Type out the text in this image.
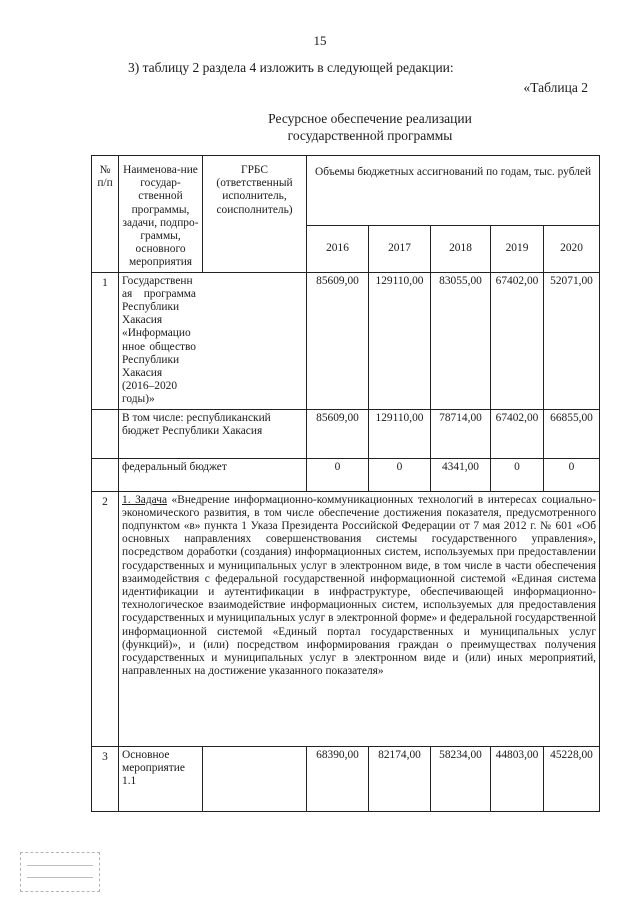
15
3) таблицу 2 раздела 4 изложить в следующей редакции:
«Таблица 2
Ресурсное обеспечение реализации
государственной программы
№ п/п	Наименова-ние государ-ственной программы, задачи, подпро-граммы, основного мероприятия	ГРБС (ответственный исполнитель, соисполнитель)	Объемы бюджетных ассигнований по годам, тыс. рублей				
			2016	2017	2018	2019	2020
1	Государственная программа Республики Хакасия «Информационное общество Республики Хакасия (2016–2020 годы)»		85609,00	129110,00	83055,00	67402,00	52071,00
	В том числе: республиканский бюджет Республики Хакасия		85609,00	129110,00	78714,00	67402,00	66855,00
	федеральный бюджет		0	0	4341,00	0	0
2	1. Задача «Внедрение информационно-коммуникационных технологий в интересах социально-экономического развития, в том числе обеспечение достижения показателя, предусмотренного подпунктом «в» пункта 1 Указа Президента Российской Федерации от 7 мая 2012 г. № 601 «Об основных направлениях совершенствования системы государственного управления», посредством доработки (создания) информационных систем, используемых при предоставлении государственных и муниципальных услуг в электронном виде, в том числе в части обеспечения взаимодействия с федеральной государственной информационной системой «Единая система идентификации и аутентификации в инфраструктуре, обеспечивающей информационно-технологическое взаимодействие информационных систем, используемых для предоставления государственных и муниципальных услуг в электронной форме» и федеральной государственной информационной системой «Единый портал государственных и муниципальных услуг (функций)», и (или) посредством информирования граждан о преимуществах получения государственных и муниципальных услуг в электронном виде и (или) иных мероприятий, направленных на достижение указанного показателя»						
3	Основное мероприятие 1.1		68390,00	82174,00	58234,00	44803,00	45228,00
